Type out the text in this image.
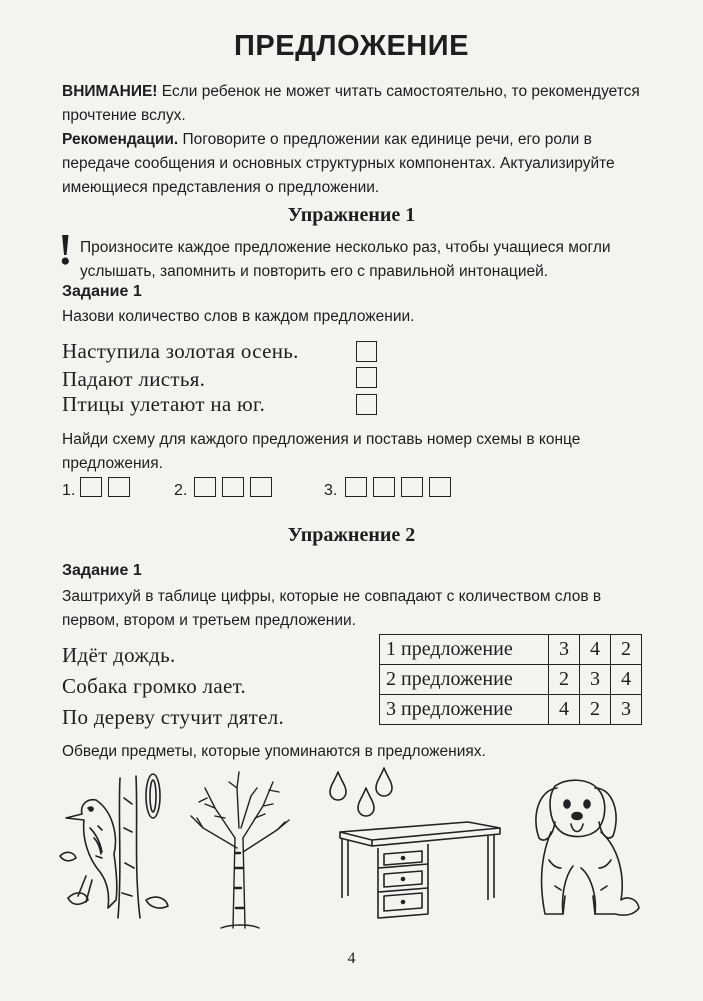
ПРЕДЛОЖЕНИЕ
ВНИМАНИЕ! Если ребенок не может читать самостоятельно, то рекомендуется прочтение вслух.
Рекомендации. Поговорите о предложении как единице речи, его роли в передаче сообщения и основных структурных компонентах. Актуализируйте имеющиеся представления о предложении.
Упражнение 1
! Произносите каждое предложение несколько раз, чтобы учащиеся могли услышать, запомнить и повторить его с правильной интонацией.
Задание 1
Назови количество слов в каждом предложении.
Наступила золотая осень.
Падают листья.
Птицы улетают на юг.
Найди схему для каждого предложения и поставь номер схемы в конце предложения.
1.	2.	3.
Упражнение 2
Задание 1
Заштрихуй в таблице цифры, которые не совпадают с количеством слов в первом, втором и третьем предложении.
Идёт дождь.
Собака громко лает.
По дереву стучит дятел.
1 предложение	3	4	2
2 предложение	2	3	4
3 предложение	4	2	3
Обведи предметы, которые упоминаются в предложениях.
4
